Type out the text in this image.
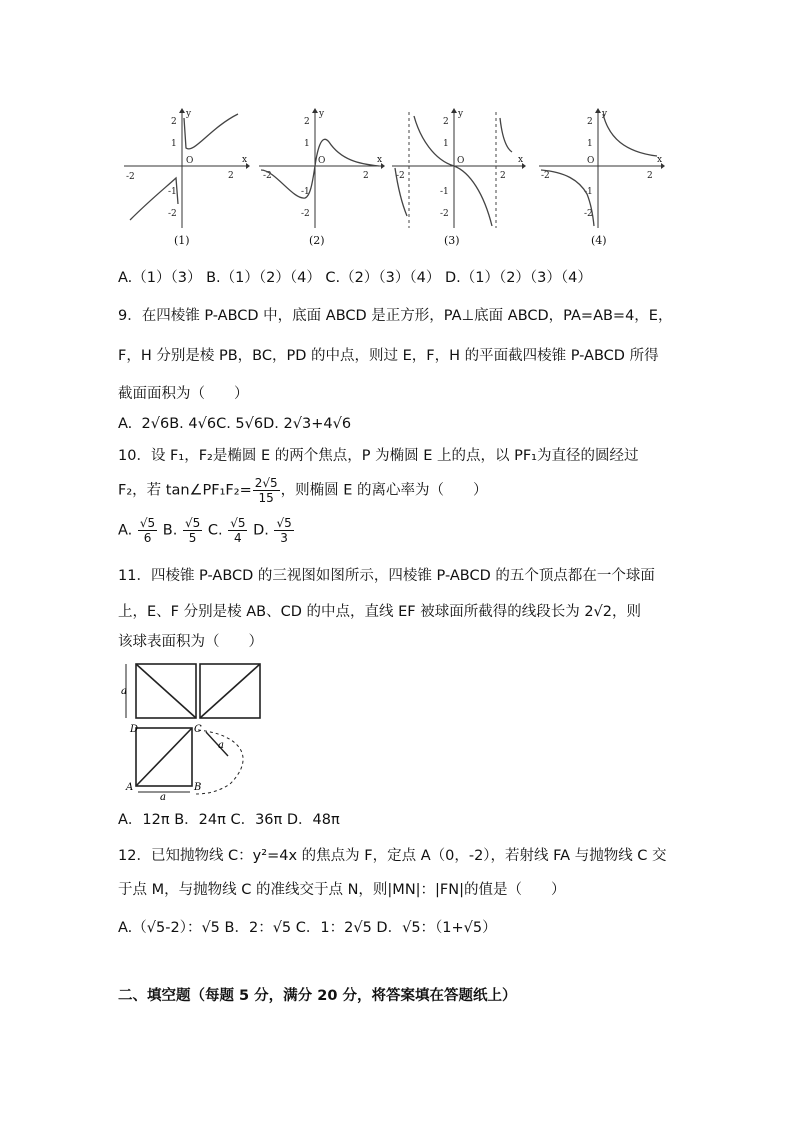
y
x
O
-2	2
2
1
-1
-2
y
x
O
-2	2
2
1
-1
-2
y
x
O
-2	2
2
1
-1
-2
y
x
O
-2	2
2
1
-1
-2
(1)	(2)	(3)	(4)
A.（1）（3） B.（1）（2）（4） C.（2）（3）（4） D.（1）（2）（3）（4）
9．在四棱锥 P-ABCD 中，底面 ABCD 是正方形，PA⊥底面 ABCD，PA=AB=4，E，
F，H 分别是棱 PB，BC，PD 的中点，则过 E，F，H 的平面截四棱锥 P-ABCD 所得
截面面积为（　　）
A. 2√6B. 4√6C. 5√6D. 2√3+4√6
10．设 F₁，F₂是椭圆 E 的两个焦点，P 为椭圆 E 上的点，以 PF₁为直径的圆经过
F₂，若 tan∠PF₁F₂= $\frac{2√5}{15}$ ，则椭圆 E 的离心率为（　　）
A. $\frac{√5}{6} B$. $\frac{√5}{5} C$. $\frac{√5}{4} D$. $\frac{√5}{3}$
11．四棱锥 P-ABCD 的三视图如图所示，四棱锥 P-ABCD 的五个顶点都在一个球面
上，E、F 分别是棱 AB、CD 的中点，直线 EF 被球面所截得的线段长为 2√2，则
该球表面积为（　　）
a
D	C
A	B
a
a
A．12π B．24π C．36π D．48π
12．已知抛物线 C：y²=4x 的焦点为 F，定点 A（0，-2），若射线 FA 与抛物线 C 交
于点 M，与抛物线 C 的准线交于点 N，则|MN|：|FN|的值是（　　）
A.（√5-2）：√5 B．2：√5 C．1：2√5 D．√5：（1+√5）
二、填空题（每题 5 分，满分 20 分，将答案填在答题纸上）
